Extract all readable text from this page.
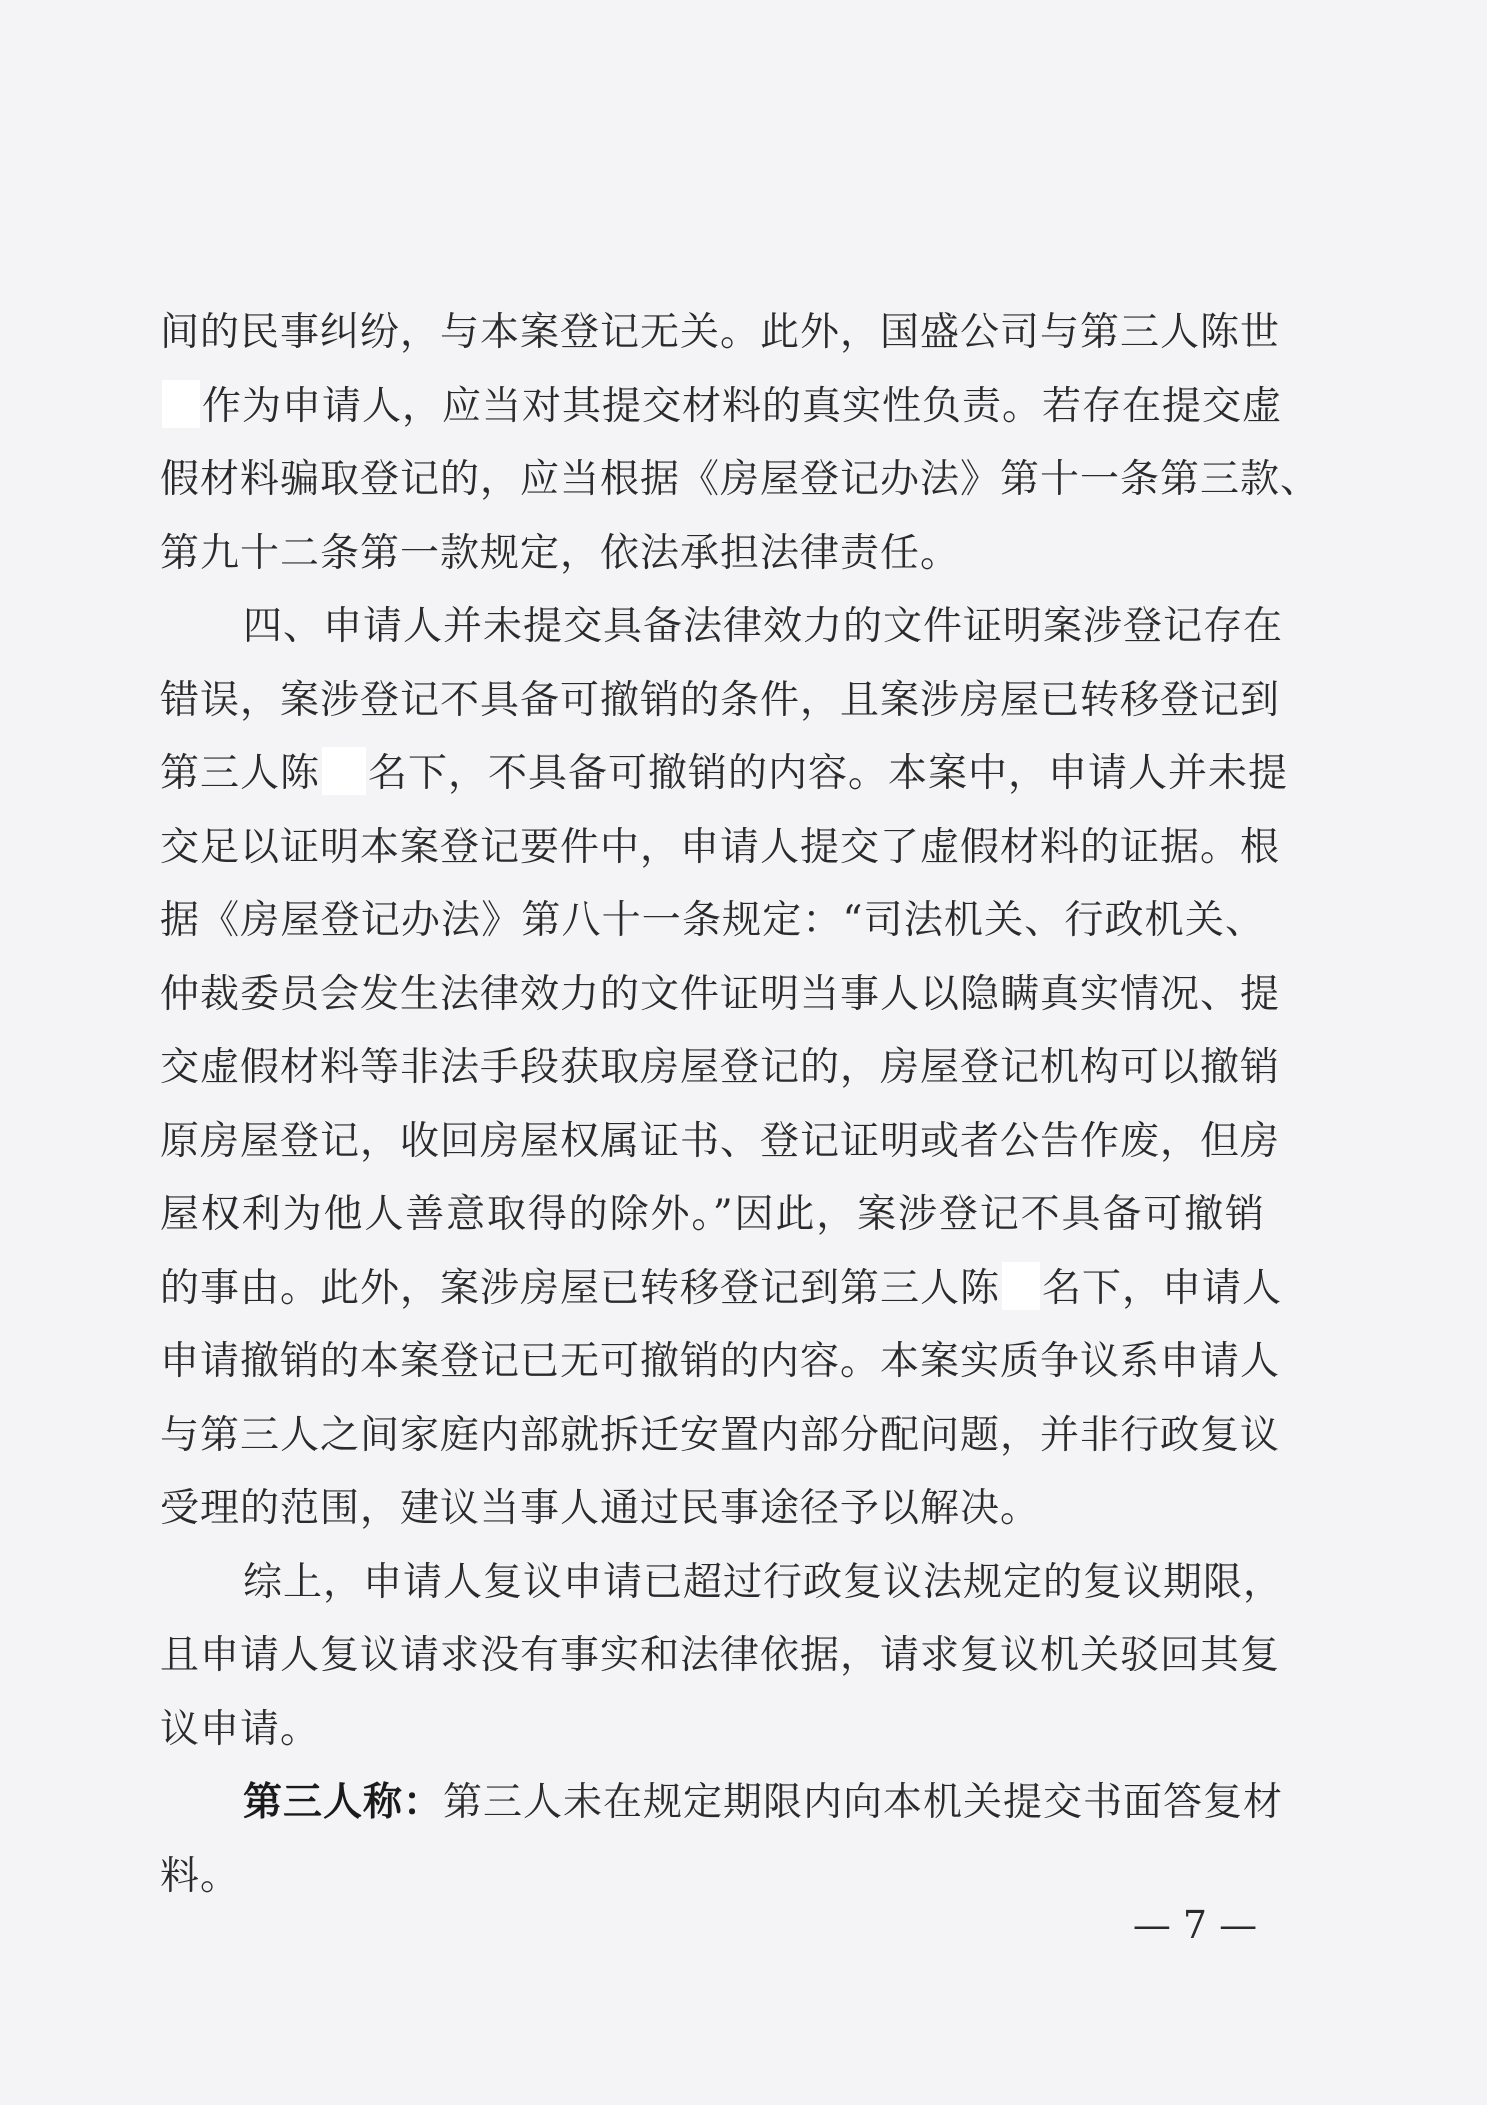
间的民事纠纷，与本案登记无关。此外，国盛公司与第三人陈世
作为申请人，应当对其提交材料的真实性负责。若存在提交虚
假材料骗取登记的，应当根据《房屋登记办法》第十一条第三款、
第九十二条第一款规定，依法承担法律责任。
四、申请人并未提交具备法律效力的文件证明案涉登记存在
错误，案涉登记不具备可撤销的条件，且案涉房屋已转移登记到
第三人陈 名下，不具备可撤销的内容。本案中，申请人并未提
交足以证明本案登记要件中，申请人提交了虚假材料的证据。根
据《房屋登记办法》第八十一条规定：“司法机关、行政机关、
仲裁委员会发生法律效力的文件证明当事人以隐瞒真实情况、提
交虚假材料等非法手段获取房屋登记的，房屋登记机构可以撤销
原房屋登记，收回房屋权属证书、登记证明或者公告作废，但房
屋权利为他人善意取得的除外。”因此，案涉登记不具备可撤销
的事由。此外，案涉房屋已转移登记到第三人陈 名下，申请人
申请撤销的本案登记已无可撤销的内容。本案实质争议系申请人
与第三人之间家庭内部就拆迁安置内部分配问题，并非行政复议
受理的范围，建议当事人通过民事途径予以解决。
综上，申请人复议申请已超过行政复议法规定的复议期限，
且申请人复议请求没有事实和法律依据，请求复议机关驳回其复
议申请。
第三人称：第三人未在规定期限内向本机关提交书面答复材
料。
— 7 —
